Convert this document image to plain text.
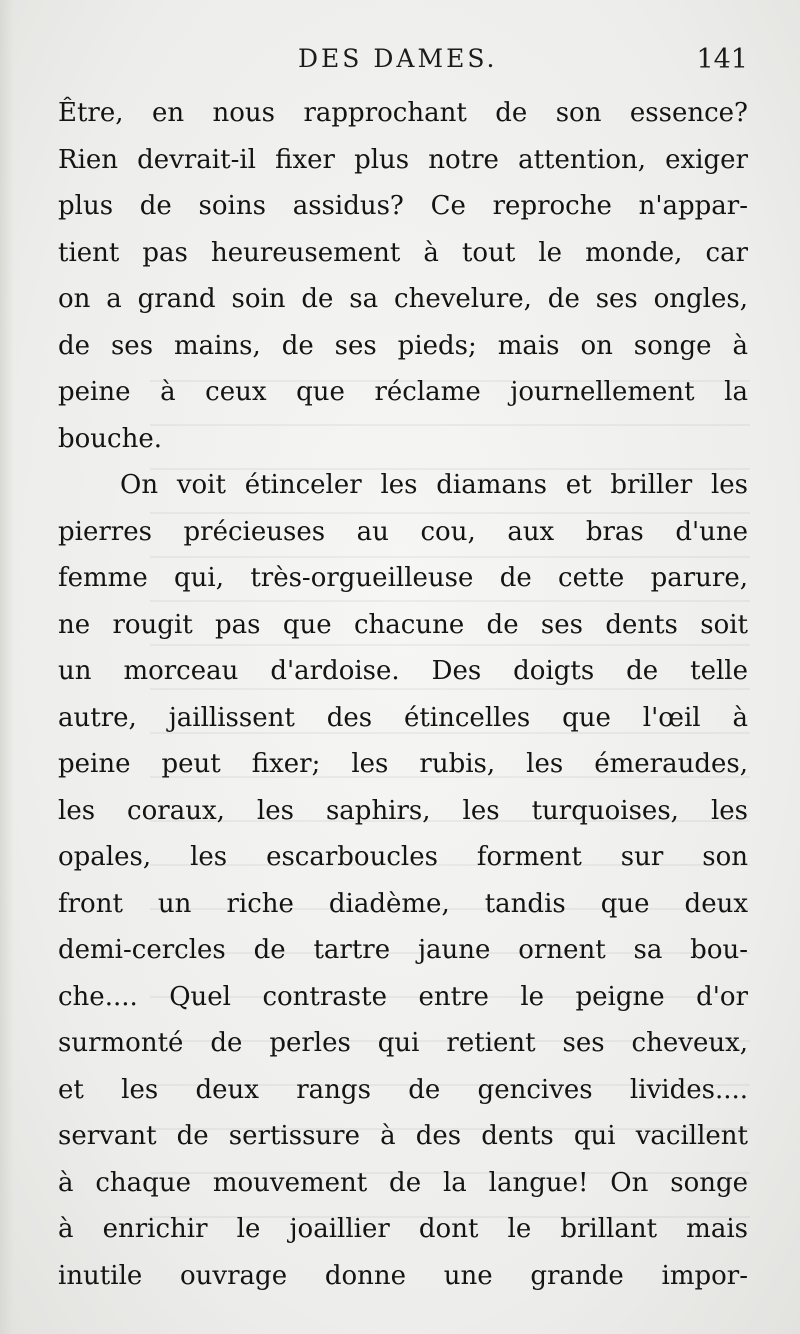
DES DAMES.	141

Être, en nous rapprochant de son essence?
Rien devrait-il fixer plus notre attention, exiger
plus de soins assidus? Ce reproche n'appar-
tient pas heureusement à tout le monde, car
on a grand soin de sa chevelure, de ses ongles,
de ses mains, de ses pieds; mais on songe à
peine à ceux que réclame journellement la
bouche.

On voit étinceler les diamans et briller les
pierres précieuses au cou, aux bras d'une
femme qui, très-orgueilleuse de cette parure,
ne rougit pas que chacune de ses dents soit
un morceau d'ardoise. Des doigts de telle
autre, jaillissent des étincelles que l'œil à
peine peut fixer; les rubis, les émeraudes,
les coraux, les saphirs, les turquoises, les
opales, les escarboucles forment sur son
front un riche diadème, tandis que deux
demi-cercles de tartre jaune ornent sa bou-
che.... Quel contraste entre le peigne d'or
surmonté de perles qui retient ses cheveux,
et les deux rangs de gencives livides....
servant de sertissure à des dents qui vacillent
à chaque mouvement de la langue! On songe
à enrichir le joaillier dont le brillant mais
inutile ouvrage donne une grande impor-
